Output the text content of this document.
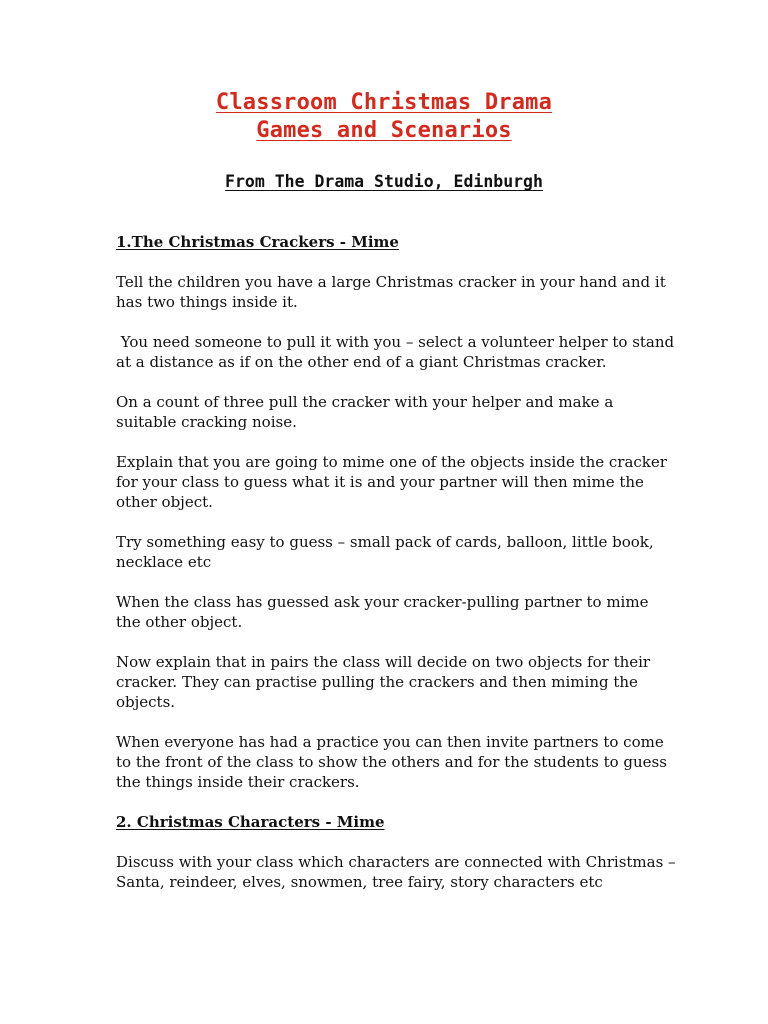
Classroom Christmas Drama
Games and Scenarios
From The Drama Studio, Edinburgh

1.The Christmas Crackers - Mime

Tell the children you have a large Christmas cracker in your hand and it has two things inside it.

You need someone to pull it with you – select a volunteer helper to stand at a distance as if on the other end of a giant Christmas cracker.

On a count of three pull the cracker with your helper and make a suitable cracking noise.

Explain that you are going to mime one of the objects inside the cracker for your class to guess what it is and your partner will then mime the other object.

Try something easy to guess – small pack of cards, balloon, little book, necklace etc

When the class has guessed ask your cracker-pulling partner to mime the other object.

Now explain that in pairs the class will decide on two objects for their cracker. They can practise pulling the crackers and then miming the objects.

When everyone has had a practice you can then invite partners to come to the front of the class to show the others and for the students to guess the things inside their crackers.

2. Christmas Characters - Mime

Discuss with your class which characters are connected with Christmas – Santa, reindeer, elves, snowmen, tree fairy, story characters etc
